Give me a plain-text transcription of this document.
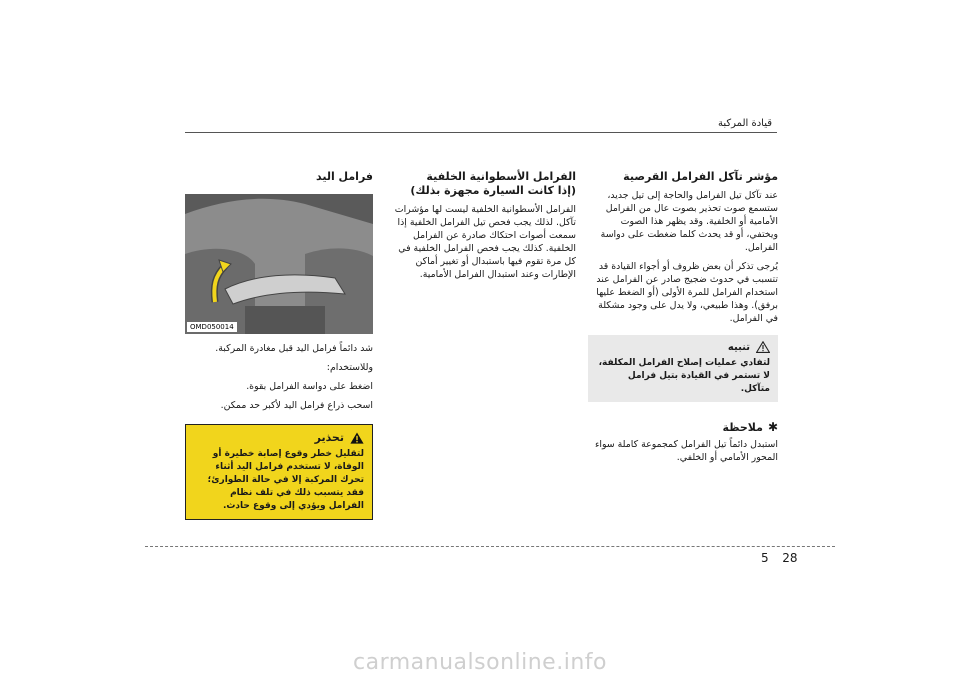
قيادة المركبة
مؤشر تآكل الفرامل القرصية

عند تآكل تيل الفرامل والحاجة إلى تيل جديد، ستسمع صوت تحذير بصوت عال من الفرامل الأمامية أو الخلفية. وقد يظهر هذا الصوت ويختفي، أو قد يحدث كلما ضغطت على دواسة الفرامل.

يُرجى تذكر أن بعض ظروف أو أجواء القيادة قد تتسبب في حدوث ضجيج صادر عن الفرامل عند استخدام الفرامل للمرة الأولى (أو الضغط عليها برفق). وهذا طبيعي، ولا يدل على وجود مشكلة في الفرامل.

تنبيه

لتفادي عمليات إصلاح الفرامل المكلفة، لا تستمر في القيادة بتيل فرامل متآكل.

✱
ملاحظة

استبدل دائماً تيل الفرامل كمجموعة كاملة سواء المحور الأمامي أو الخلفي.

الفرامل الأسطوانية الخلفية
(إذا كانت السيارة مجهزة بذلك)

الفرامل الأسطوانية الخلفية ليست لها مؤشرات تآكل. لذلك يجب فحص تيل الفرامل الخلفية إذا سمعت أصوات احتكاك صادرة عن الفرامل الخلفية. كذلك يجب فحص الفرامل الخلفية في كل مرة تقوم فيها باستبدال أو تغيير أماكن الإطارات وعند استبدال الفرامل الأمامية.

فرامل اليد
OMD050014

شد دائماً فرامل اليد قبل مغادرة المركبة.

وللاستخدام:

اضغط على دواسة الفرامل بقوة.

اسحب ذراع فرامل اليد لأكبر حد ممكن.

تحذير

لتقليل خطر وقوع إصابة خطيرة أو الوفاة، لا تستخدم فرامل اليد أثناء تحرك المركبة إلا في حالة الطوارئ؛ فقد يتسبب ذلك في تلف نظام الفرامل ويؤدي إلى وقوع حادث.

5 28
carmanualsonline.info
